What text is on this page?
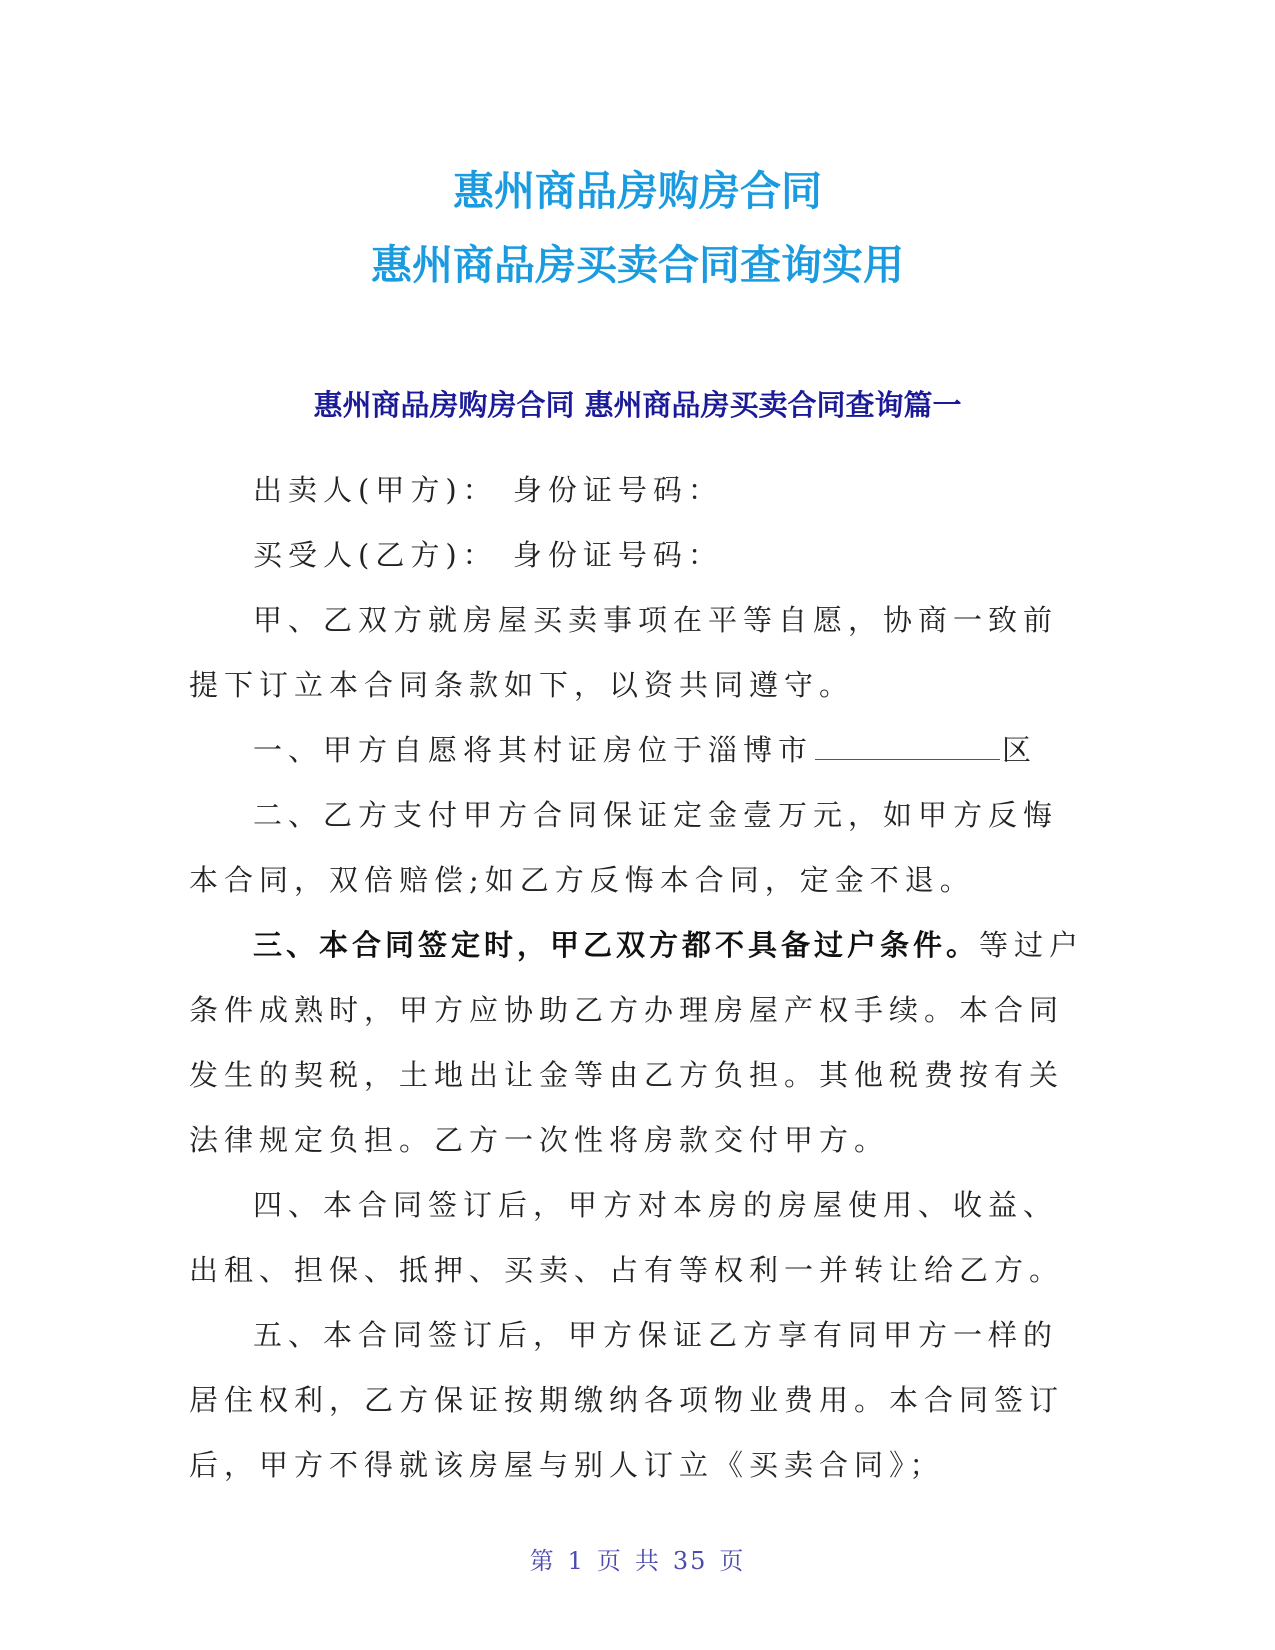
惠州商品房购房合同
惠州商品房买卖合同查询实用
惠州商品房购房合同 惠州商品房买卖合同查询篇一

出卖人(甲方)： 身份证号码：

买受人(乙方)： 身份证号码：

甲、乙双方就房屋买卖事项在平等自愿，协商一致前提下订立本合同条款如下，以资共同遵守。

一、甲方自愿将其村证房位于淄博市	区

二、乙方支付甲方合同保证定金壹万元，如甲方反悔本合同，双倍赔偿;如乙方反悔本合同，定金不退。

三、本合同签定时，甲乙双方都不具备过户条件。等过户条件成熟时，甲方应协助乙方办理房屋产权手续。本合同发生的契税，土地出让金等由乙方负担。其他税费按有关法律规定负担。乙方一次性将房款交付甲方。

四、本合同签订后，甲方对本房的房屋使用、收益、出租、担保、抵押、买卖、占有等权利一并转让给乙方。

五、本合同签订后，甲方保证乙方享有同甲方一样的居住权利，乙方保证按期缴纳各项物业费用。本合同签订后，甲方不得就该房屋与别人订立《买卖合同》；

第 1 页 共 35 页
